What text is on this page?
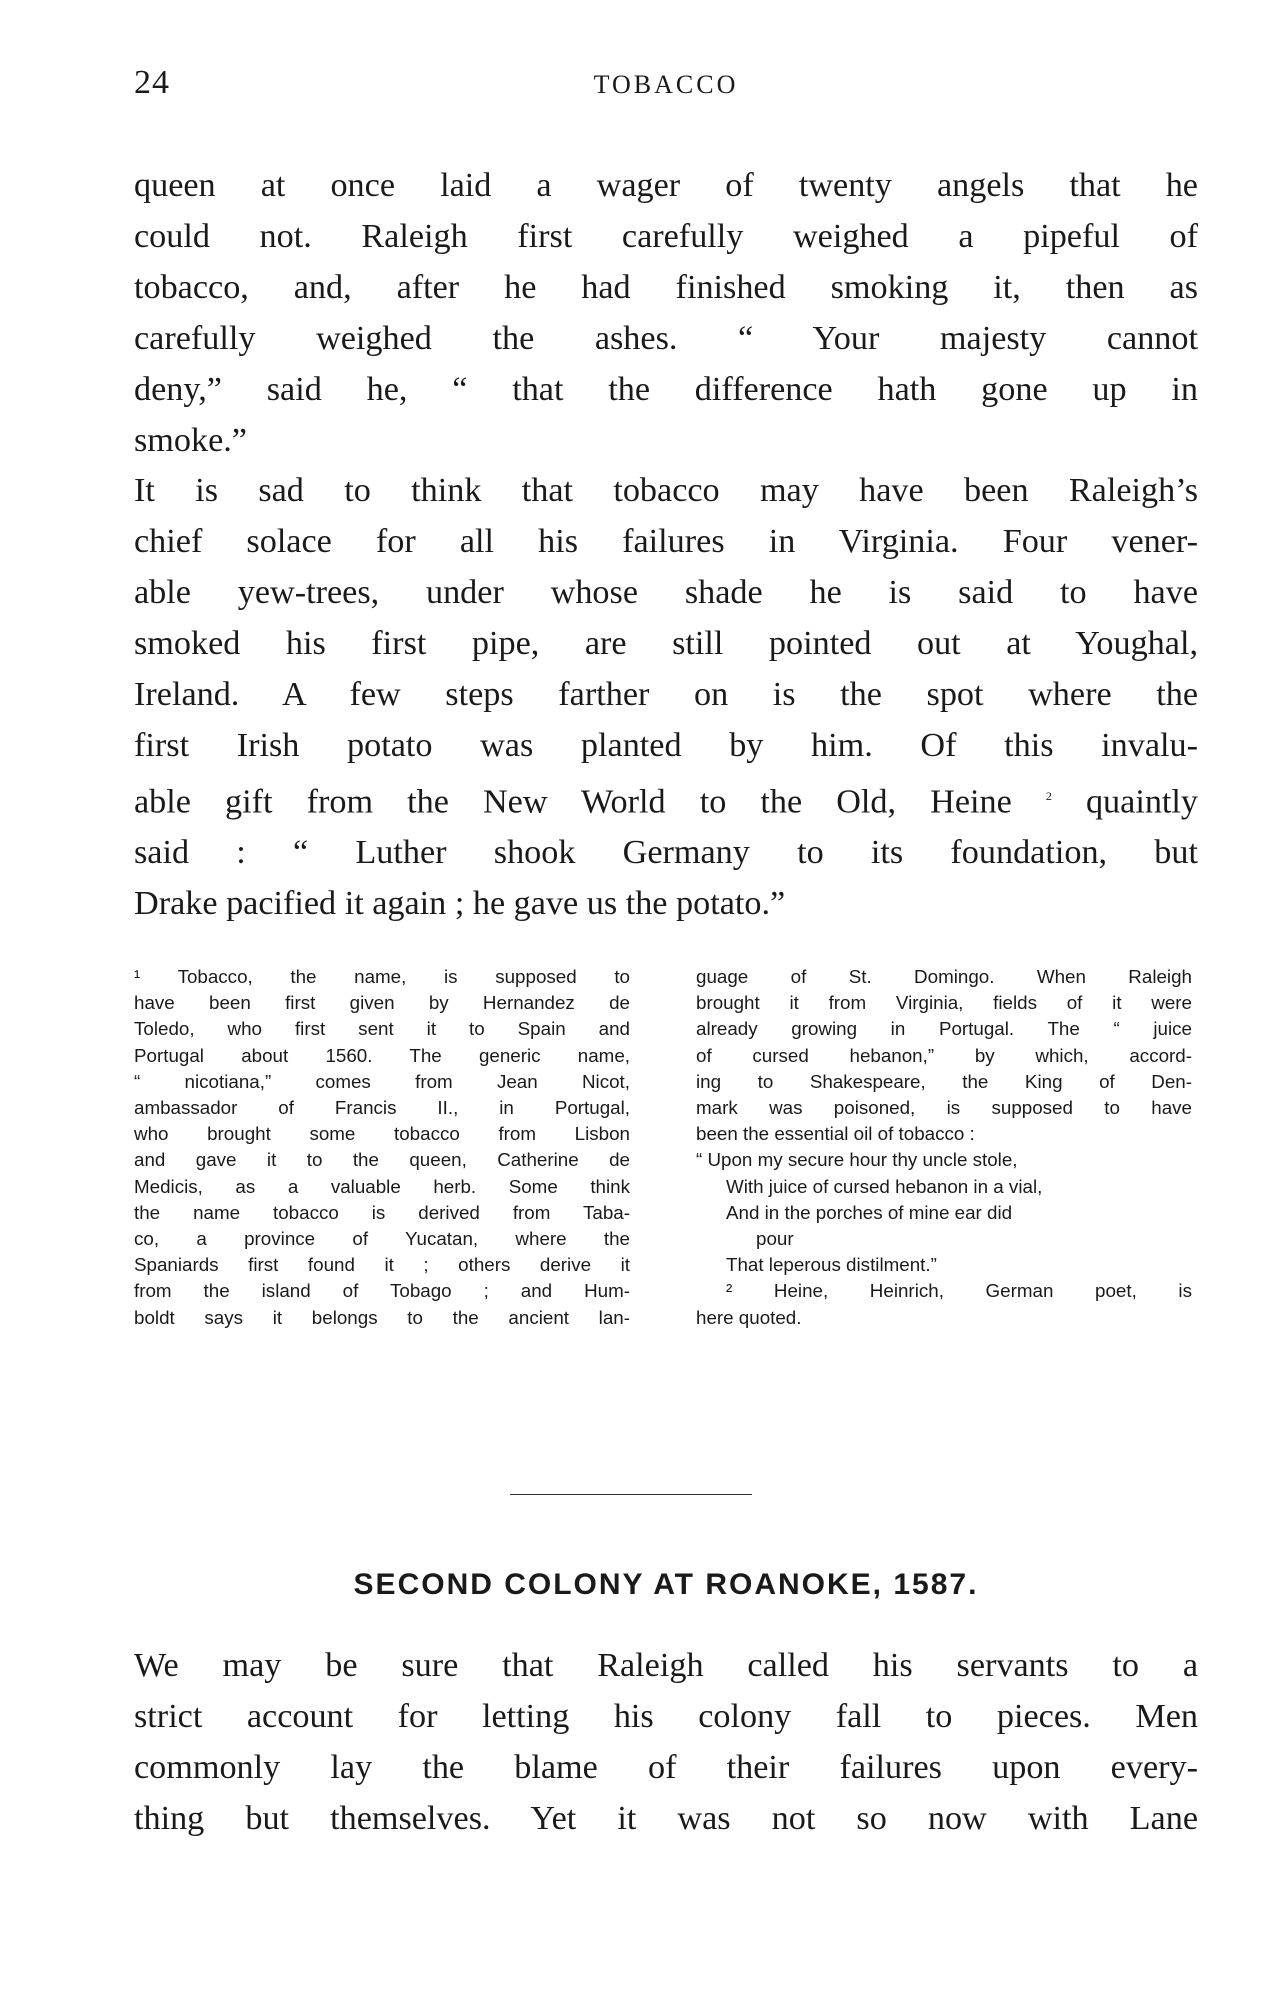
24	TOBACCO

queen at once laid a wager of twenty angels that he
could not. Raleigh first carefully weighed a pipeful of
tobacco, and, after he had finished smoking it, then as
carefully weighed the ashes. “ Your majesty cannot
deny,” said he, “ that the difference hath gone up in
smoke.”

It is sad to think that tobacco may have been Raleigh’s
chief solace for all his failures in Virginia. Four vener-
able yew-trees, under whose shade he is said to have
smoked his first pipe, are still pointed out at Youghal,
Ireland. A few steps farther on is the spot where the
first Irish potato was planted by him. Of this invalu-
able gift from the New World to the Old, Heine	$^2$ quaintly
said : “ Luther shook Germany to its foundation, but
Drake pacified it again ; he gave us the potato.”

¹ Tobacco, the name, is supposed to
have been first given by Hernandez de
Toledo, who first sent it to Spain and
Portugal about 1560. The generic name,
“ nicotiana,” comes from Jean Nicot,
ambassador of Francis II., in Portugal,
who brought some tobacco from Lisbon
and gave it to the queen, Catherine de
Medicis, as a valuable herb. Some think
the name tobacco is derived from Taba-
co, a province of Yucatan, where the
Spaniards first found it ; others derive it
from the island of Tobago ; and Hum-
boldt says it belongs to the ancient lan-
guage of St. Domingo. When Raleigh
brought it from Virginia, fields of it were
already growing in Portugal. The “ juice
of cursed hebanon,” by which, accord-
ing to Shakespeare, the King of Den-
mark was poisoned, is supposed to have
been the essential oil of tobacco :
“ Upon my secure hour thy uncle stole,
With juice of cursed hebanon in a vial,
And in the porches of mine ear did
pour
That leperous distilment.”
² Heine, Heinrich, German poet, is
here quoted.
SECOND COLONY AT ROANOKE, 1587.

We may be sure that Raleigh called his servants to a
strict account for letting his colony fall to pieces. Men
commonly lay the blame of their failures upon every-
thing but themselves. Yet it was not so now with Lane
